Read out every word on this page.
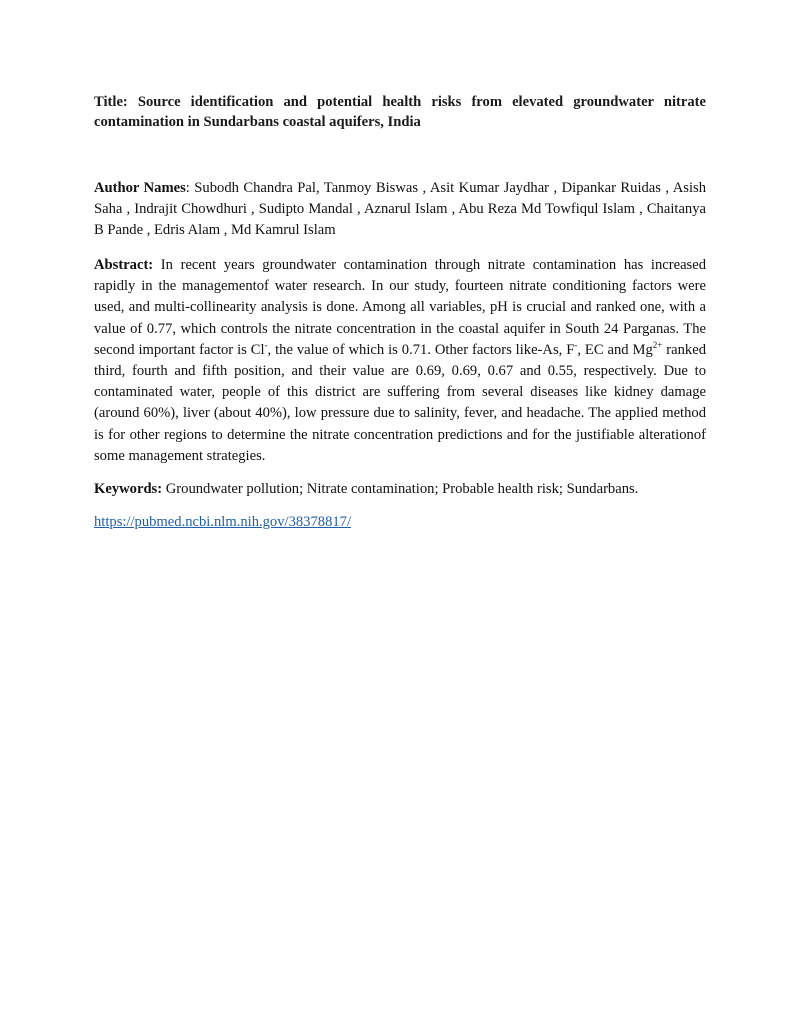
Title: Source identification and potential health risks from elevated groundwater nitrate contamination in Sundarbans coastal aquifers, India
Author Names: Subodh Chandra Pal, Tanmoy Biswas , Asit Kumar Jaydhar , Dipankar Ruidas , Asish Saha , Indrajit Chowdhuri , Sudipto Mandal , Aznarul Islam , Abu Reza Md Towfiqul Islam , Chaitanya B Pande , Edris Alam , Md Kamrul Islam
Abstract: In recent years groundwater contamination through nitrate contamination has increased rapidly in the managementof water research. In our study, fourteen nitrate conditioning factors were used, and multi-collinearity analysis is done. Among all variables, pH is crucial and ranked one, with a value of 0.77, which controls the nitrate concentration in the coastal aquifer in South 24 Parganas. The second important factor is Cl-, the value of which is 0.71. Other factors like-As, F-, EC and $Mg^{2+}$ ranked third, fourth and fifth position, and their value are 0.69, 0.69, 0.67 and 0.55, respectively. Due to contaminated water, people of this district are suffering from several diseases like kidney damage (around 60%), liver (about 40%), low pressure due to salinity, fever, and headache. The applied method is for other regions to determine the nitrate concentration predictions and for the justifiable alterationof some management strategies.
Keywords: Groundwater pollution; Nitrate contamination; Probable health risk; Sundarbans.
https://pubmed.ncbi.nlm.nih.gov/38378817/
